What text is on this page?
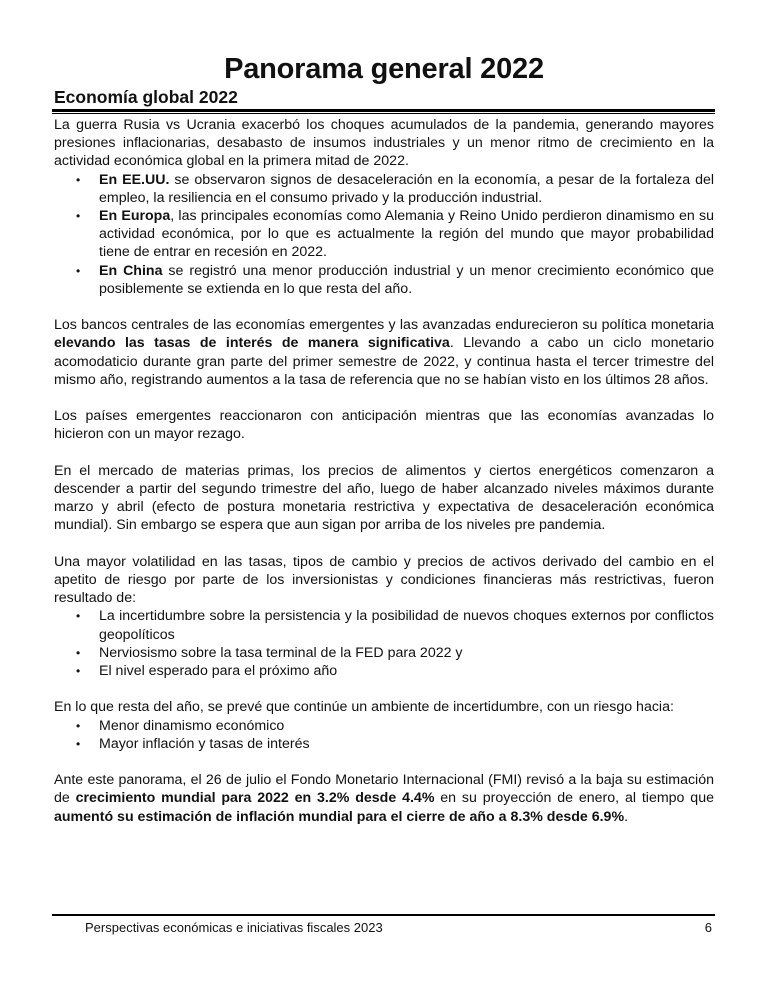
Panorama general 2022
Economía global 2022

La guerra Rusia vs Ucrania exacerbó los choques acumulados de la pandemia, generando mayores presiones inflacionarias, desabasto de insumos industriales y un menor ritmo de crecimiento en la actividad económica global en la primera mitad de 2022.

• En EE.UU. se observaron signos de desaceleración en la economía, a pesar de la fortaleza del empleo, la resiliencia en el consumo privado y la producción industrial.
• En Europa, las principales economías como Alemania y Reino Unido perdieron dinamismo en su actividad económica, por lo que es actualmente la región del mundo que mayor probabilidad tiene de entrar en recesión en 2022.
• En China se registró una menor producción industrial y un menor crecimiento económico que posiblemente se extienda en lo que resta del año.

Los bancos centrales de las economías emergentes y las avanzadas endurecieron su política monetaria elevando las tasas de interés de manera significativa. Llevando a cabo un ciclo monetario acomodaticio durante gran parte del primer semestre de 2022, y continua hasta el tercer trimestre del mismo año, registrando aumentos a la tasa de referencia que no se habían visto en los últimos 28 años.

Los países emergentes reaccionaron con anticipación mientras que las economías avanzadas lo hicieron con un mayor rezago.

En el mercado de materias primas, los precios de alimentos y ciertos energéticos comenzaron a descender a partir del segundo trimestre del año, luego de haber alcanzado niveles máximos durante marzo y abril (efecto de postura monetaria restrictiva y expectativa de desaceleración económica mundial). Sin embargo se espera que aun sigan por arriba de los niveles pre pandemia.

Una mayor volatilidad en las tasas, tipos de cambio y precios de activos derivado del cambio en el apetito de riesgo por parte de los inversionistas y condiciones financieras más restrictivas, fueron resultado de:

• La incertidumbre sobre la persistencia y la posibilidad de nuevos choques externos por conflictos geopolíticos
• Nerviosismo sobre la tasa terminal de la FED para 2022 y
• El nivel esperado para el próximo año

En lo que resta del año, se prevé que continúe un ambiente de incertidumbre, con un riesgo hacia:

• Menor dinamismo económico
• Mayor inflación y tasas de interés

Ante este panorama, el 26 de julio el Fondo Monetario Internacional (FMI) revisó a la baja su estimación de crecimiento mundial para 2022 en 3.2% desde 4.4% en su proyección de enero, al tiempo que aumentó su estimación de inflación mundial para el cierre de año a 8.3% desde 6.9%.

Perspectivas económicas e iniciativas fiscales 2023	6
